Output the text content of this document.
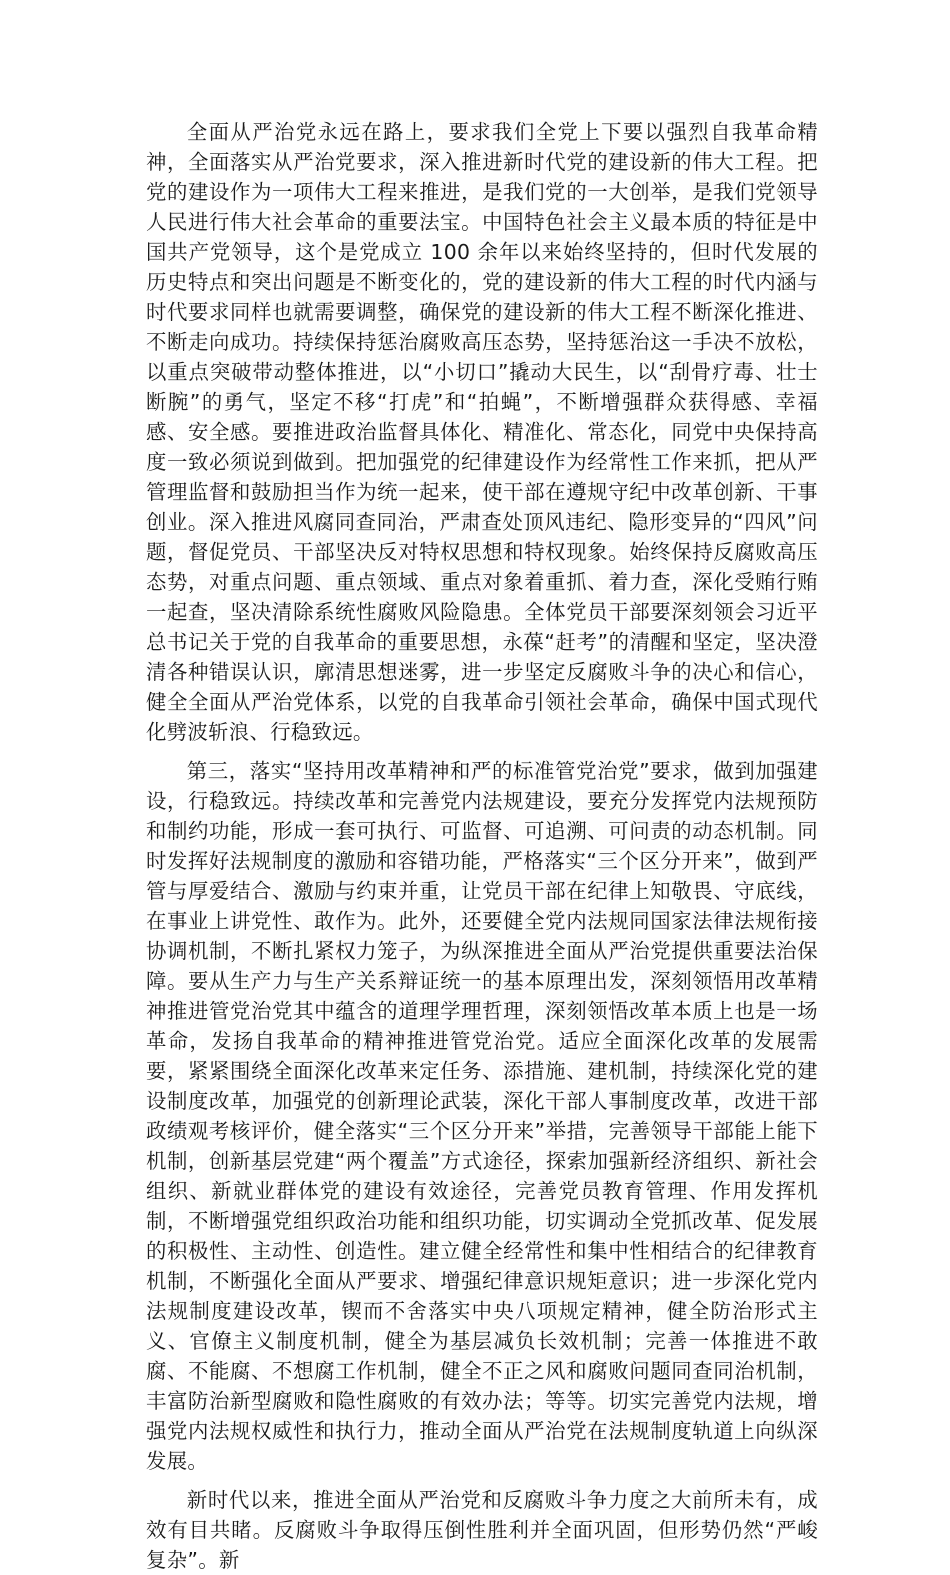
全面从严治党永远在路上，要求我们全党上下要以强烈自我革命精神，全面落实从严治党要求，深入推进新时代党的建设新的伟大工程。把党的建设作为一项伟大工程来推进，是我们党的一大创举，是我们党领导人民进行伟大社会革命的重要法宝。中国特色社会主义最本质的特征是中国共产党领导，这个是党成立 100 余年以来始终坚持的，但时代发展的历史特点和突出问题是不断变化的，党的建设新的伟大工程的时代内涵与时代要求同样也就需要调整，确保党的建设新的伟大工程不断深化推进、不断走向成功。持续保持惩治腐败高压态势，坚持惩治这一手决不放松，以重点突破带动整体推进，以“小切口”撬动大民生，以“刮骨疗毒、壮士断腕”的勇气，坚定不移“打虎”和“拍蝇”，不断增强群众获得感、幸福感、安全感。要推进政治监督具体化、精准化、常态化，同党中央保持高度一致必须说到做到。把加强党的纪律建设作为经常性工作来抓，把从严管理监督和鼓励担当作为统一起来，使干部在遵规守纪中改革创新、干事创业。深入推进风腐同查同治，严肃查处顶风违纪、隐形变异的“四风”问题，督促党员、干部坚决反对特权思想和特权现象。始终保持反腐败高压态势，对重点问题、重点领域、重点对象着重抓、着力查，深化受贿行贿一起查，坚决清除系统性腐败风险隐患。全体党员干部要深刻领会习近平总书记关于党的自我革命的重要思想，永葆“赶考”的清醒和坚定，坚决澄清各种错误认识，廓清思想迷雾，进一步坚定反腐败斗争的决心和信心，健全全面从严治党体系，以党的自我革命引领社会革命，确保中国式现代化劈波斩浪、行稳致远。

第三，落实“坚持用改革精神和严的标准管党治党”要求，做到加强建设，行稳致远。持续改革和完善党内法规建设，要充分发挥党内法规预防和制约功能，形成一套可执行、可监督、可追溯、可问责的动态机制。同时发挥好法规制度的激励和容错功能，严格落实“三个区分开来”，做到严管与厚爱结合、激励与约束并重，让党员干部在纪律上知敬畏、守底线，在事业上讲党性、敢作为。此外，还要健全党内法规同国家法律法规衔接协调机制，不断扎紧权力笼子，为纵深推进全面从严治党提供重要法治保障。要从生产力与生产关系辩证统一的基本原理出发，深刻领悟用改革精神推进管党治党其中蕴含的道理学理哲理，深刻领悟改革本质上也是一场革命，发扬自我革命的精神推进管党治党。适应全面深化改革的发展需要，紧紧围绕全面深化改革来定任务、添措施、建机制，持续深化党的建设制度改革，加强党的创新理论武装，深化干部人事制度改革，改进干部政绩观考核评价，健全落实“三个区分开来”举措，完善领导干部能上能下机制，创新基层党建“两个覆盖”方式途径，探索加强新经济组织、新社会组织、新就业群体党的建设有效途径，完善党员教育管理、作用发挥机制，不断增强党组织政治功能和组织功能，切实调动全党抓改革、促发展的积极性、主动性、创造性。建立健全经常性和集中性相结合的纪律教育机制，不断强化全面从严要求、增强纪律意识规矩意识；进一步深化党内法规制度建设改革，锲而不舍落实中央八项规定精神，健全防治形式主义、官僚主义制度机制，健全为基层减负长效机制；完善一体推进不敢腐、不能腐、不想腐工作机制，健全不正之风和腐败问题同查同治机制，丰富防治新型腐败和隐性腐败的有效办法；等等。切实完善党内法规，增强党内法规权威性和执行力，推动全面从严治党在法规制度轨道上向纵深发展。

新时代以来，推进全面从严治党和反腐败斗争力度之大前所未有，成效有目共睹。反腐败斗争取得压倒性胜利并全面巩固，但形势仍然“严峻复杂”。新
